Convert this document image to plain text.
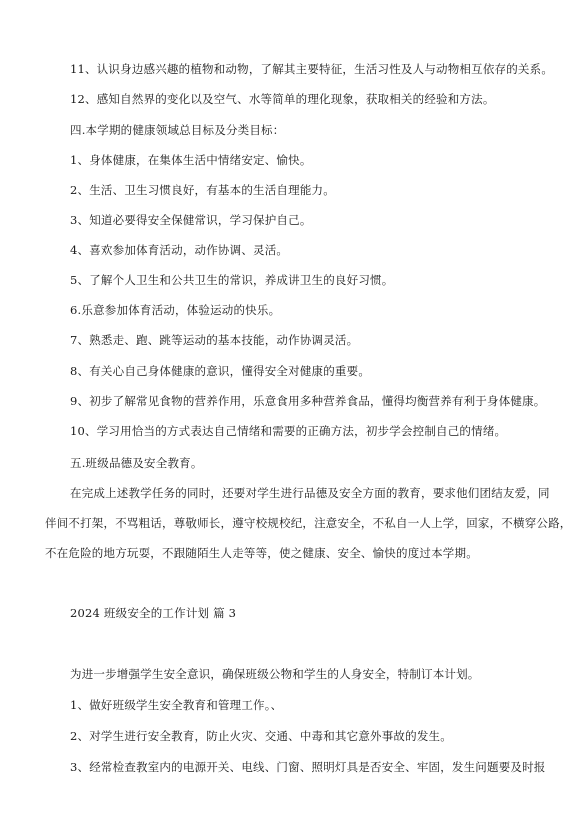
11、认识身边感兴趣的植物和动物，了解其主要特征，生活习性及人与动物相互依存的关系。
12、感知自然界的变化以及空气、水等简单的理化现象，获取相关的经验和方法。
四.本学期的健康领域总目标及分类目标：
1、身体健康，在集体生活中情绪安定、愉快。
2、生活、卫生习惯良好，有基本的生活自理能力。
3、知道必要得安全保健常识，学习保护自己。
4、喜欢参加体育活动，动作协调、灵活。
5、了解个人卫生和公共卫生的常识，养成讲卫生的良好习惯。
6.乐意参加体育活动，体验运动的快乐。
7、熟悉走、跑、跳等运动的基本技能，动作协调灵活。
8、有关心自己身体健康的意识，懂得安全对健康的重要。
9、初步了解常见食物的营养作用，乐意食用多种营养食品，懂得均衡营养有利于身体健康。
10、学习用恰当的方式表达自己情绪和需要的正确方法，初步学会控制自己的情绪。
五.班级品德及安全教育。
在完成上述教学任务的同时，还要对学生进行品德及安全方面的教育，要求他们团结友爱，同
伴间不打架，不骂粗话，尊敬师长，遵守校规校纪，注意安全，不私自一人上学，回家，不横穿公路，
不在危险的地方玩耍，不跟随陌生人走等等，使之健康、安全、愉快的度过本学期。
2024 班级安全的工作计划 篇 3
为进一步增强学生安全意识，确保班级公物和学生的人身安全，特制订本计划。
1、做好班级学生安全教育和管理工作。、
2、对学生进行安全教育，防止火灾、交通、中毒和其它意外事故的发生。
3、经常检查教室内的电源开关、电线、门窗、照明灯具是否安全、牢固，发生问题要及时报
